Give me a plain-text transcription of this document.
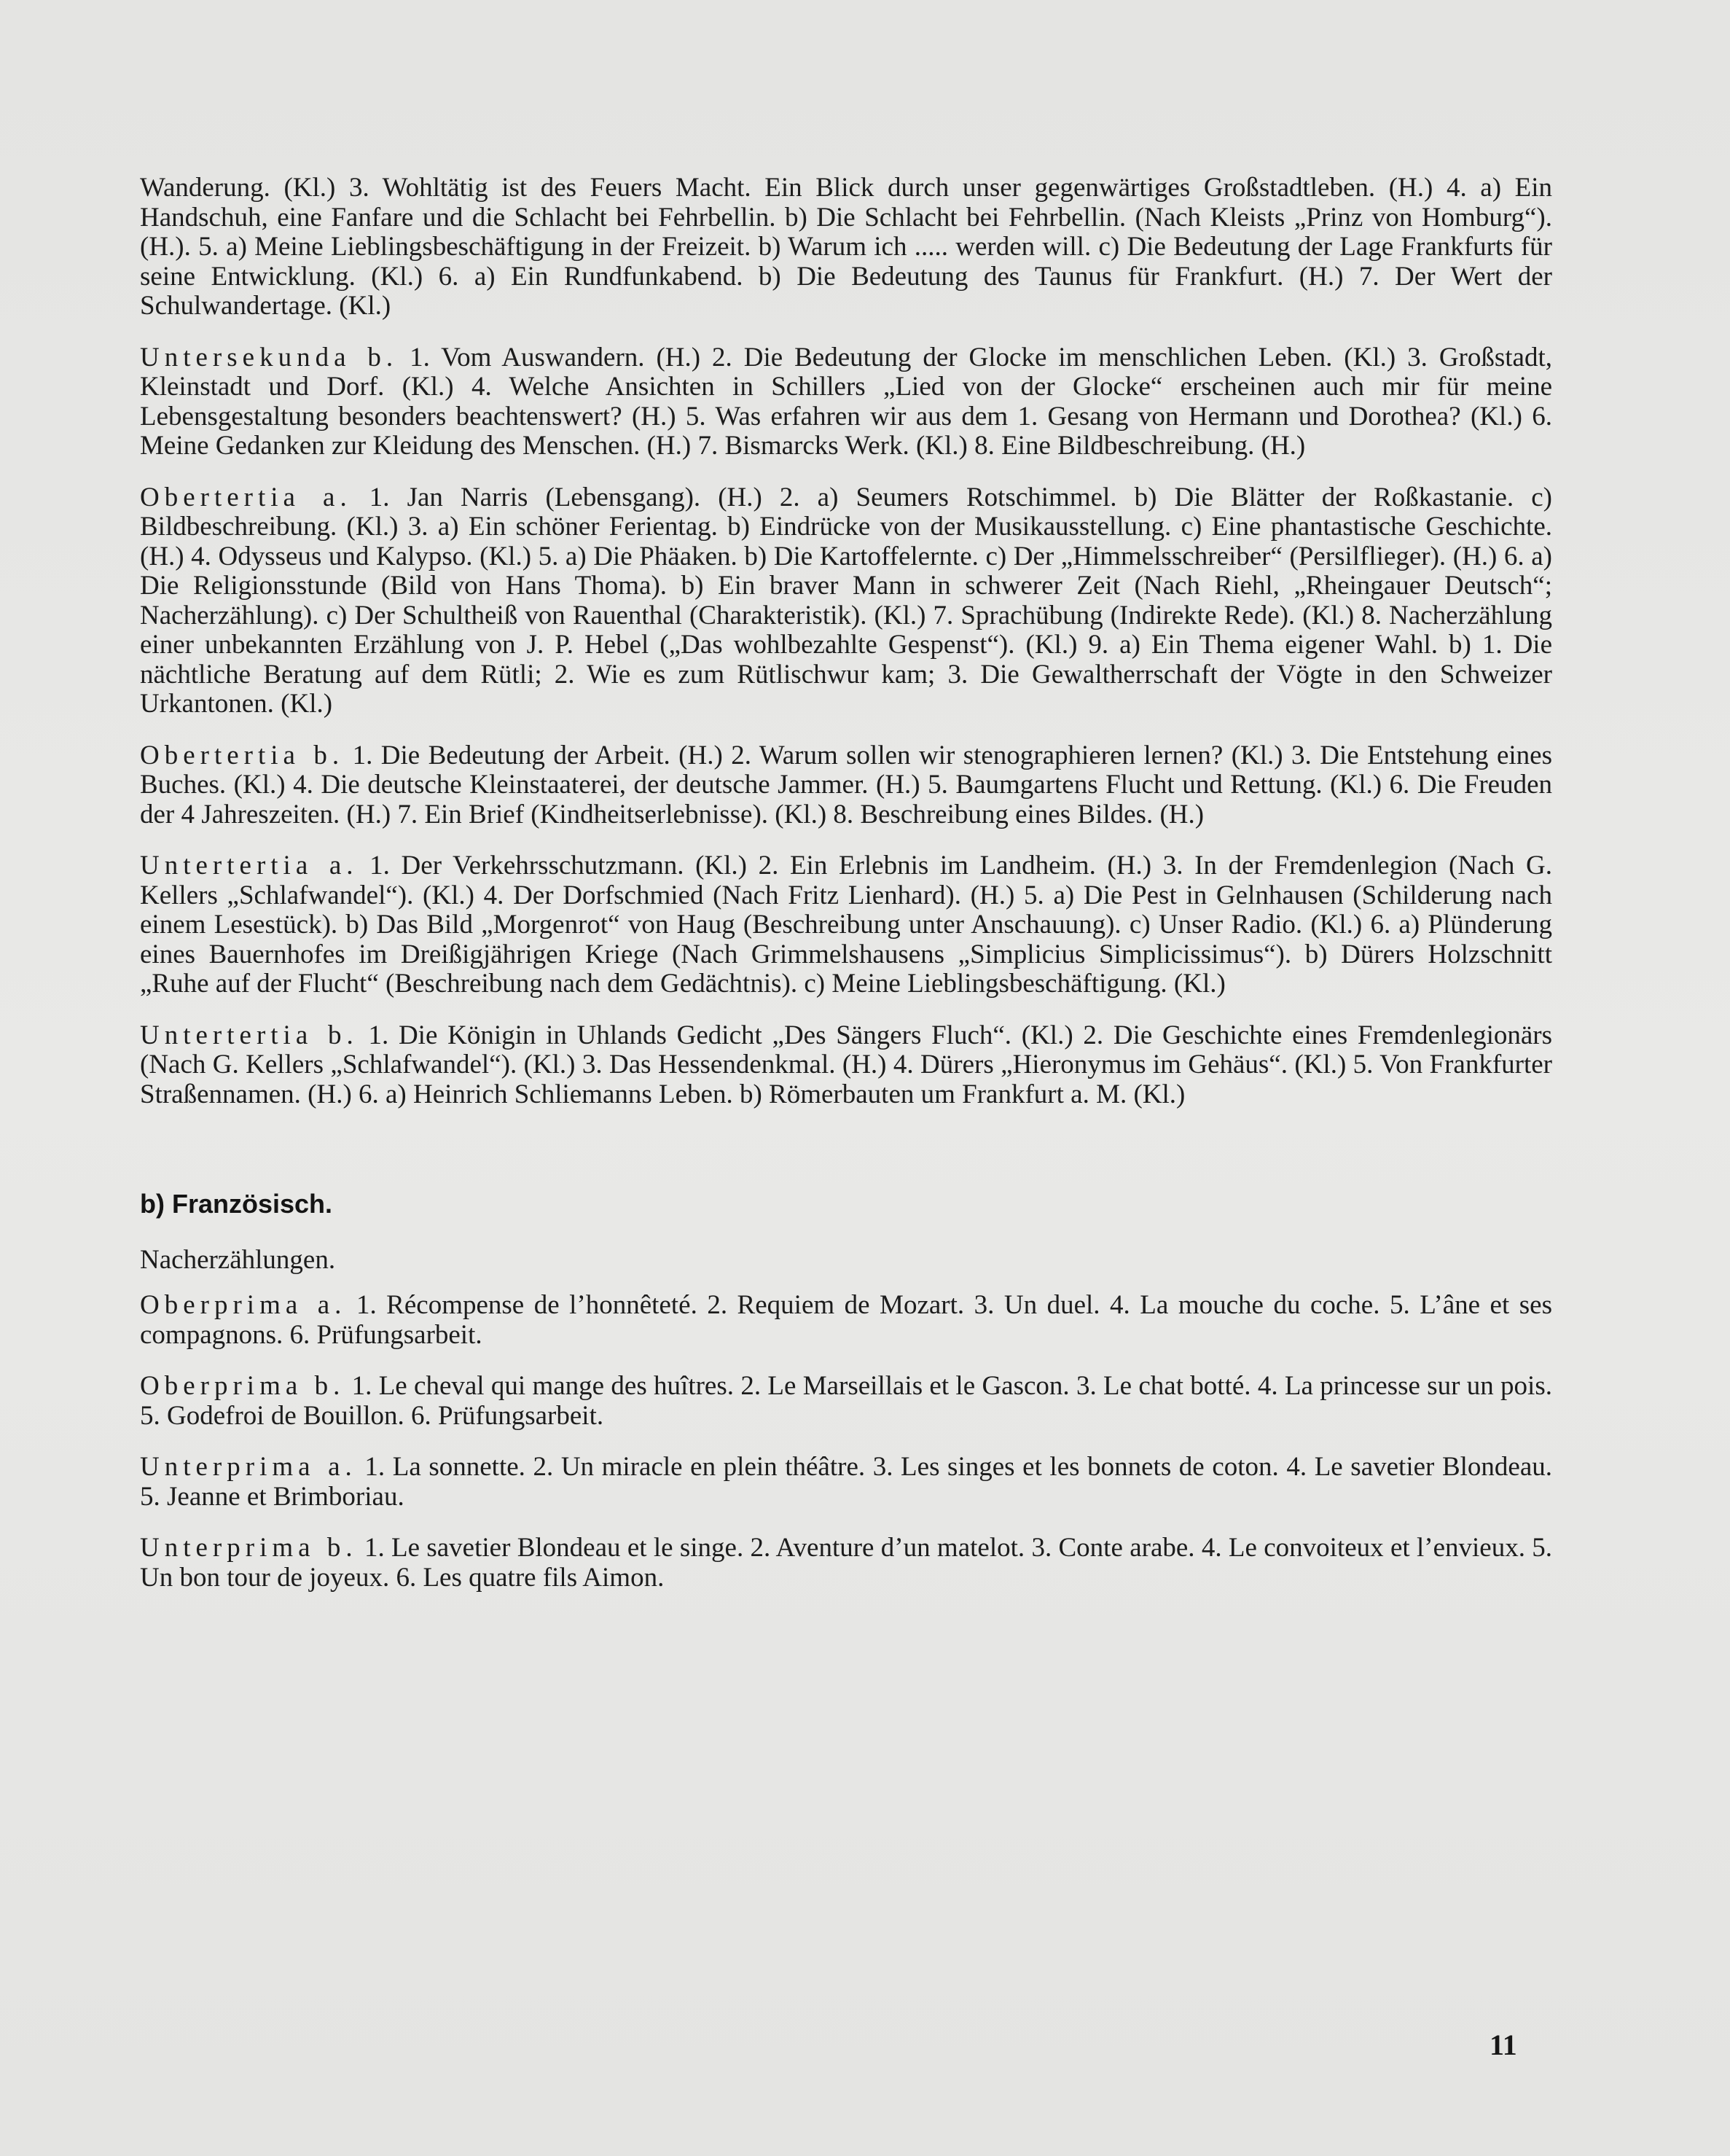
Wanderung. (Kl.) 3. Wohltätig ist des Feuers Macht. Ein Blick durch unser gegenwärtiges Großstadtleben. (H.) 4. a) Ein Handschuh, eine Fanfare und die Schlacht bei Fehrbellin. b) Die Schlacht bei Fehrbellin. (Nach Kleists „Prinz von Homburg“). (H.). 5. a) Meine Lieblingsbeschäftigung in der Freizeit. b) Warum ich ..... werden will. c) Die Bedeutung der Lage Frankfurts für seine Entwicklung. (Kl.) 6. a) Ein Rundfunkabend. b) Die Bedeutung des Taunus für Frankfurt. (H.) 7. Der Wert der Schulwandertage. (Kl.)

Untersekunda b. 1. Vom Auswandern. (H.) 2. Die Bedeutung der Glocke im menschlichen Leben. (Kl.) 3. Großstadt, Kleinstadt und Dorf. (Kl.) 4. Welche Ansichten in Schillers „Lied von der Glocke“ erscheinen auch mir für meine Lebensgestaltung besonders beachtenswert? (H.) 5. Was erfahren wir aus dem 1. Gesang von Hermann und Dorothea? (Kl.) 6. Meine Gedanken zur Kleidung des Menschen. (H.) 7. Bismarcks Werk. (Kl.) 8. Eine Bildbeschreibung. (H.)

Obertertia a. 1. Jan Narris (Lebensgang). (H.) 2. a) Seumers Rotschimmel. b) Die Blätter der Roßkastanie. c) Bildbeschreibung. (Kl.) 3. a) Ein schöner Ferientag. b) Eindrücke von der Musikausstellung. c) Eine phantastische Geschichte. (H.) 4. Odysseus und Kalypso. (Kl.) 5. a) Die Phäaken. b) Die Kartoffelernte. c) Der „Himmelsschreiber“ (Persilflieger). (H.) 6. a) Die Religionsstunde (Bild von Hans Thoma). b) Ein braver Mann in schwerer Zeit (Nach Riehl, „Rheingauer Deutsch“; Nacherzählung). c) Der Schultheiß von Rauenthal (Charakteristik). (Kl.) 7. Sprachübung (Indirekte Rede). (Kl.) 8. Nacherzählung einer unbekannten Erzählung von J. P. Hebel („Das wohlbezahlte Gespenst“). (Kl.) 9. a) Ein Thema eigener Wahl. b) 1. Die nächtliche Beratung auf dem Rütli; 2. Wie es zum Rütlischwur kam; 3. Die Gewaltherrschaft der Vögte in den Schweizer Urkantonen. (Kl.)

Obertertia b. 1. Die Bedeutung der Arbeit. (H.) 2. Warum sollen wir stenographieren lernen? (Kl.) 3. Die Entstehung eines Buches. (Kl.) 4. Die deutsche Kleinstaaterei, der deutsche Jammer. (H.) 5. Baumgartens Flucht und Rettung. (Kl.) 6. Die Freuden der 4 Jahreszeiten. (H.) 7. Ein Brief (Kindheitserlebnisse). (Kl.) 8. Beschreibung eines Bildes. (H.)

Untertertia a. 1. Der Verkehrsschutzmann. (Kl.) 2. Ein Erlebnis im Landheim. (H.) 3. In der Fremdenlegion (Nach G. Kellers „Schlafwandel“). (Kl.) 4. Der Dorfschmied (Nach Fritz Lienhard). (H.) 5. a) Die Pest in Gelnhausen (Schilderung nach einem Lesestück). b) Das Bild „Morgenrot“ von Haug (Beschreibung unter Anschauung). c) Unser Radio. (Kl.) 6. a) Plünderung eines Bauernhofes im Dreißigjährigen Kriege (Nach Grimmelshausens „Simplicius Simplicissimus“). b) Dürers Holzschnitt „Ruhe auf der Flucht“ (Beschreibung nach dem Gedächtnis). c) Meine Lieblingsbeschäftigung. (Kl.)

Untertertia b. 1. Die Königin in Uhlands Gedicht „Des Sängers Fluch“. (Kl.) 2. Die Geschichte eines Fremdenlegionärs (Nach G. Kellers „Schlafwandel“). (Kl.) 3. Das Hessendenkmal. (H.) 4. Dürers „Hieronymus im Gehäus“. (Kl.) 5. Von Frankfurter Straßennamen. (H.) 6. a) Heinrich Schliemanns Leben. b) Römerbauten um Frankfurt a. M. (Kl.)

b) Französisch.

Nacherzählungen.

Oberprima a. 1. Récompense de l’honnêteté. 2. Requiem de Mozart. 3. Un duel. 4. La mouche du coche. 5. L’âne et ses compagnons. 6. Prüfungsarbeit.

Oberprima b. 1. Le cheval qui mange des huîtres. 2. Le Marseillais et le Gascon. 3. Le chat botté. 4. La princesse sur un pois. 5. Godefroi de Bouillon. 6. Prüfungsarbeit.

Unterprima a. 1. La sonnette. 2. Un miracle en plein théâtre. 3. Les singes et les bonnets de coton. 4. Le savetier Blondeau. 5. Jeanne et Brimboriau.

Unterprima b. 1. Le savetier Blondeau et le singe. 2. Aventure d’un matelot. 3. Conte arabe. 4. Le convoiteux et l’envieux. 5. Un bon tour de joyeux. 6. Les quatre fils Aimon.

11
